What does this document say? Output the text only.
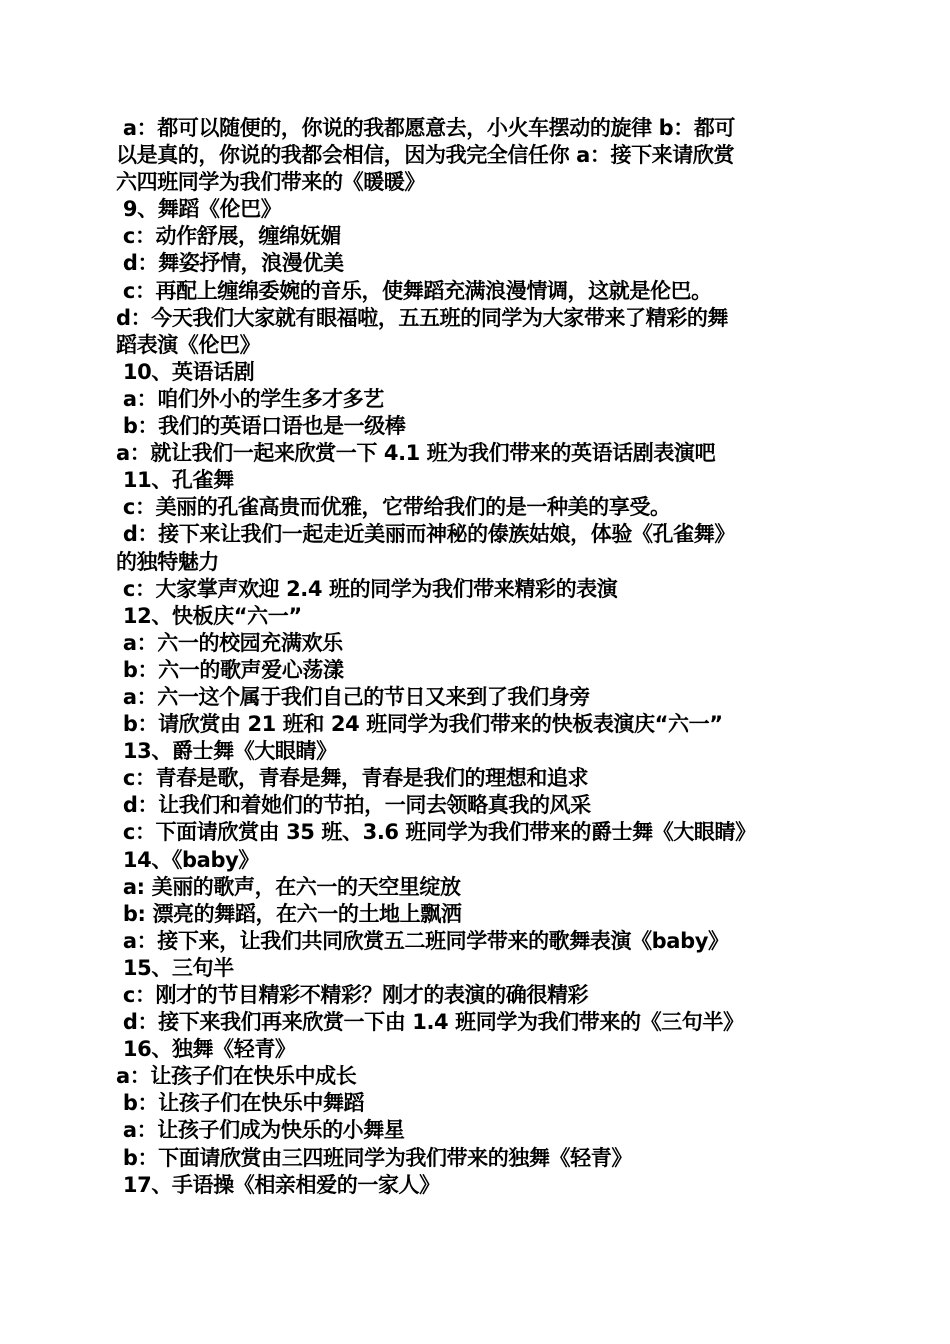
a：都可以随便的，你说的我都愿意去，小火车摆动的旋律 b：都可
以是真的，你说的我都会相信，因为我完全信任你 a：接下来请欣赏
六四班同学为我们带来的《暖暖》
9、舞蹈《伦巴》
c：动作舒展，缠绵妩媚
d：舞姿抒情，浪漫优美
c：再配上缠绵委婉的音乐，使舞蹈充满浪漫情调，这就是伦巴。
d：今天我们大家就有眼福啦，五五班的同学为大家带来了精彩的舞
蹈表演《伦巴》
10、英语话剧
a：咱们外小的学生多才多艺
b：我们的英语口语也是一级棒
a：就让我们一起来欣赏一下 4.1 班为我们带来的英语话剧表演吧
11、孔雀舞
c：美丽的孔雀高贵而优雅，它带给我们的是一种美的享受。
d：接下来让我们一起走近美丽而神秘的傣族姑娘，体验《孔雀舞》
的独特魅力
c：大家掌声欢迎 2.4 班的同学为我们带来精彩的表演
12、快板庆“六一”
a：六一的校园充满欢乐
b：六一的歌声爱心荡漾
a：六一这个属于我们自己的节日又来到了我们身旁
b：请欣赏由 21 班和 24 班同学为我们带来的快板表演庆“六一”
13、爵士舞《大眼睛》
c：青春是歌，青春是舞，青春是我们的理想和追求
d：让我们和着她们的节拍，一同去领略真我的风采
c：下面请欣赏由 35 班、3.6 班同学为我们带来的爵士舞《大眼睛》
14、《baby》
a: 美丽的歌声，在六一的天空里绽放
b: 漂亮的舞蹈，在六一的土地上飘洒
a：接下来，让我们共同欣赏五二班同学带来的歌舞表演《baby》
15、三句半
c：刚才的节目精彩不精彩？刚才的表演的确很精彩
d：接下来我们再来欣赏一下由 1.4 班同学为我们带来的《三句半》
16、独舞《轻青》
a：让孩子们在快乐中成长
b：让孩子们在快乐中舞蹈
a：让孩子们成为快乐的小舞星
b：下面请欣赏由三四班同学为我们带来的独舞《轻青》
17、手语操《相亲相爱的一家人》
